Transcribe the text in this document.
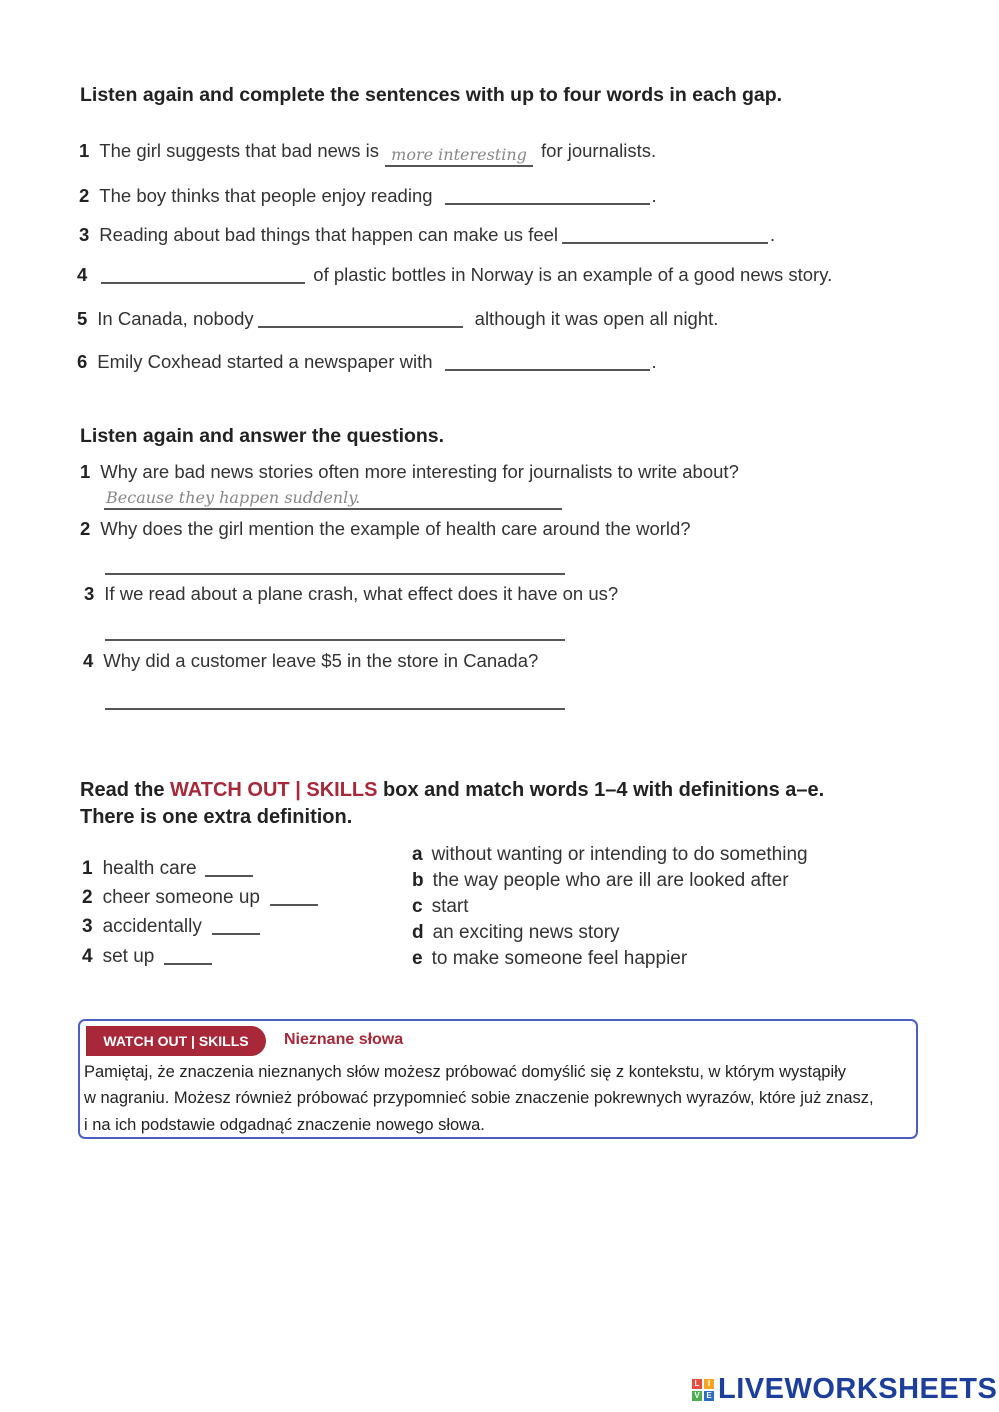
Listen again and complete the sentences with up to four words in each gap.
1 The girl suggests that bad news is more interesting for journalists.
2 The boy thinks that people enjoy reading	.
3 Reading about bad things that happen can make us feel	.
4	of plastic bottles in Norway is an example of a good news story.
5 In Canada, nobody	although it was open all night.
6 Emily Coxhead started a newspaper with	.
Listen again and answer the questions.
1 Why are bad news stories often more interesting for journalists to write about?
Because they happen suddenly.
2 Why does the girl mention the example of health care around the world?
3 If we read about a plane crash, what effect does it have on us?
4 Why did a customer leave $5 in the store in Canada?
Read the WATCH OUT | SKILLS box and match words 1–4 with definitions a–e.
There is one extra definition.
1 health care
2 cheer someone up
3 accidentally
4 set up
a without wanting or intending to do something
b the way people who are ill are looked after
c start
d an exciting news story
e to make someone feel happier
WATCH OUT | SKILLS	Nieznane słowa
Pamiętaj, że znaczenia nieznanych słów możesz próbować domyślić się z kontekstu, w którym wystąpiły
w nagraniu. Możesz również próbować przypomnieć sobie znaczenie pokrewnych wyrazów, które już znasz,
i na ich podstawie odgadnąć znaczenie nowego słowa.
L	I
V E LIVEWORKSHEETS
